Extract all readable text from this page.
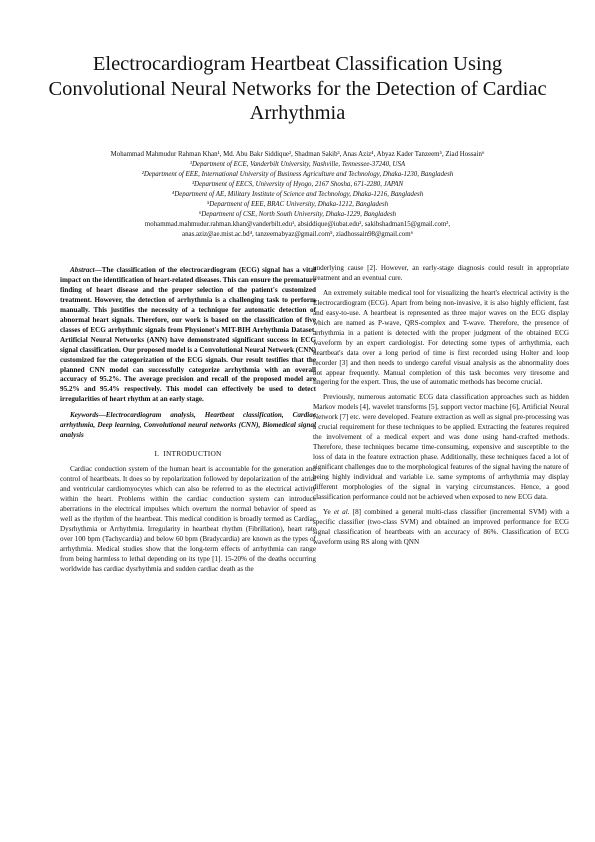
Electrocardiogram Heartbeat Classification Using Convolutional Neural Networks for the Detection of Cardiac Arrhythmia
Mohammad Mahmudur Rahman Khan¹, Md. Abu Bakr Siddique², Shadman Sakib³, Anas Aziz⁴, Abyaz Kader Tanzeem⁵, Ziad Hossain⁶
¹Department of ECE, Vanderbilt University, Nashville, Tennessee-37240, USA
²Department of EEE, International University of Business Agriculture and Technology, Dhaka-1230, Bangladesh
³Department of EECS, University of Hyogo, 2167 Shosha, 671-2280, JAPAN
⁴Department of AE, Military Institute of Science and Technology, Dhaka-1216, Bangladesh
⁵Department of EEE, BRAC University, Dhaka-1212, Bangladesh
⁶Department of CSE, North South University, Dhaka-1229, Bangladesh
mohammad.mahmudur.rahman.khan@vanderbilt.edu¹, absiddique@iubat.edu², sakibshadman15@gmail.com³,
anas.aziz@ae.mist.ac.bd⁴, tanzeemabyaz@gmail.com⁵, ziadhossain98@gmail.com⁶

Abstract—The classification of the electrocardiogram (ECG) signal has a vital impact on the identification of heart-related diseases. This can ensure the premature finding of heart disease and the proper selection of the patient's customized treatment. However, the detection of arrhythmia is a challenging task to perform manually. This justifies the necessity of a technique for automatic detection of abnormal heart signals. Therefore, our work is based on the classification of five classes of ECG arrhythmic signals from Physionet's MIT-BIH Arrhythmia Dataset. Artificial Neural Networks (ANN) have demonstrated significant success in ECG signal classification. Our proposed model is a Convolutional Neural Network (CNN) customized for the categorization of the ECG signals. Our result testifies that the planned CNN model can successfully categorize arrhythmia with an overall accuracy of 95.2%. The average precision and recall of the proposed model are 95.2% and 95.4% respectively. This model can effectively be used to detect irregularities of heart rhythm at an early stage.

Keywords—Electrocardiogram analysis, Heartbeat classification, Cardiac arrhythmia, Deep learning, Convolutional neural networks (CNN), Biomedical signal analysis

I. INTRODUCTION

Cardiac conduction system of the human heart is accountable for the generation and control of heartbeats. It does so by repolarization followed by depolarization of the atrial and ventricular cardiomyocytes which can also be referred to as the electrical activity within the heart. Problems within the cardiac conduction system can introduce aberrations in the electrical impulses which overturn the normal behavior of speed as well as the rhythm of the heartbeat. This medical condition is broadly termed as Cardiac Dysrhythmia or Arrhythmia. Irregularity in heartbeat rhythm (Fibrillation), heart rate over 100 bpm (Tachycardia) and below 60 bpm (Bradycardia) are known as the types of arrhythmia. Medical studies show that the long-term effects of arrhythmia can range from being harmless to lethal depending on its type [1]. 15-20% of the deaths occurring worldwide has cardiac dysrhythmia and sudden cardiac death as the

underlying cause [2]. However, an early-stage diagnosis could result in appropriate treatment and an eventual cure.

An extremely suitable medical tool for visualizing the heart's electrical activity is the Electrocardiogram (ECG). Apart from being non-invasive, it is also highly efficient, fast and easy-to-use. A heartbeat is represented as three major waves on the ECG display which are named as P-wave, QRS-complex and T-wave. Therefore, the presence of arrhythmia in a patient is detected with the proper judgment of the obtained ECG waveform by an expert cardiologist. For detecting some types of arrhythmia, each heartbeat's data over a long period of time is first recorded using Holter and loop recorder [3] and then needs to undergo careful visual analysis as the abnormality does not appear frequently. Manual completion of this task becomes very tiresome and lingering for the expert. Thus, the use of automatic methods has become crucial.

Previously, numerous automatic ECG data classification approaches such as hidden Markov models [4], wavelet transforms [5], support vector machine [6], Artificial Neural Network [7] etc. were developed. Feature extraction as well as signal pre-processing was a crucial requirement for these techniques to be applied. Extracting the features required the involvement of a medical expert and was done using hand-crafted methods. Therefore, these techniques became time-consuming, expensive and susceptible to the loss of data in the feature extraction phase. Additionally, these techniques faced a lot of significant challenges due to the morphological features of the signal having the nature of being highly individual and variable i.e. same symptoms of arrhythmia may display different morphologies of the signal in varying circumstances. Hence, a good classification performance could not be achieved when exposed to new ECG data.

Ye et al. [8] combined a general multi-class classifier (incremental SVM) with a specific classifier (two-class SVM) and obtained an improved performance for ECG signal classification of heartbeats with an accuracy of 86%. Classification of ECG waveform using RS along with QNN
